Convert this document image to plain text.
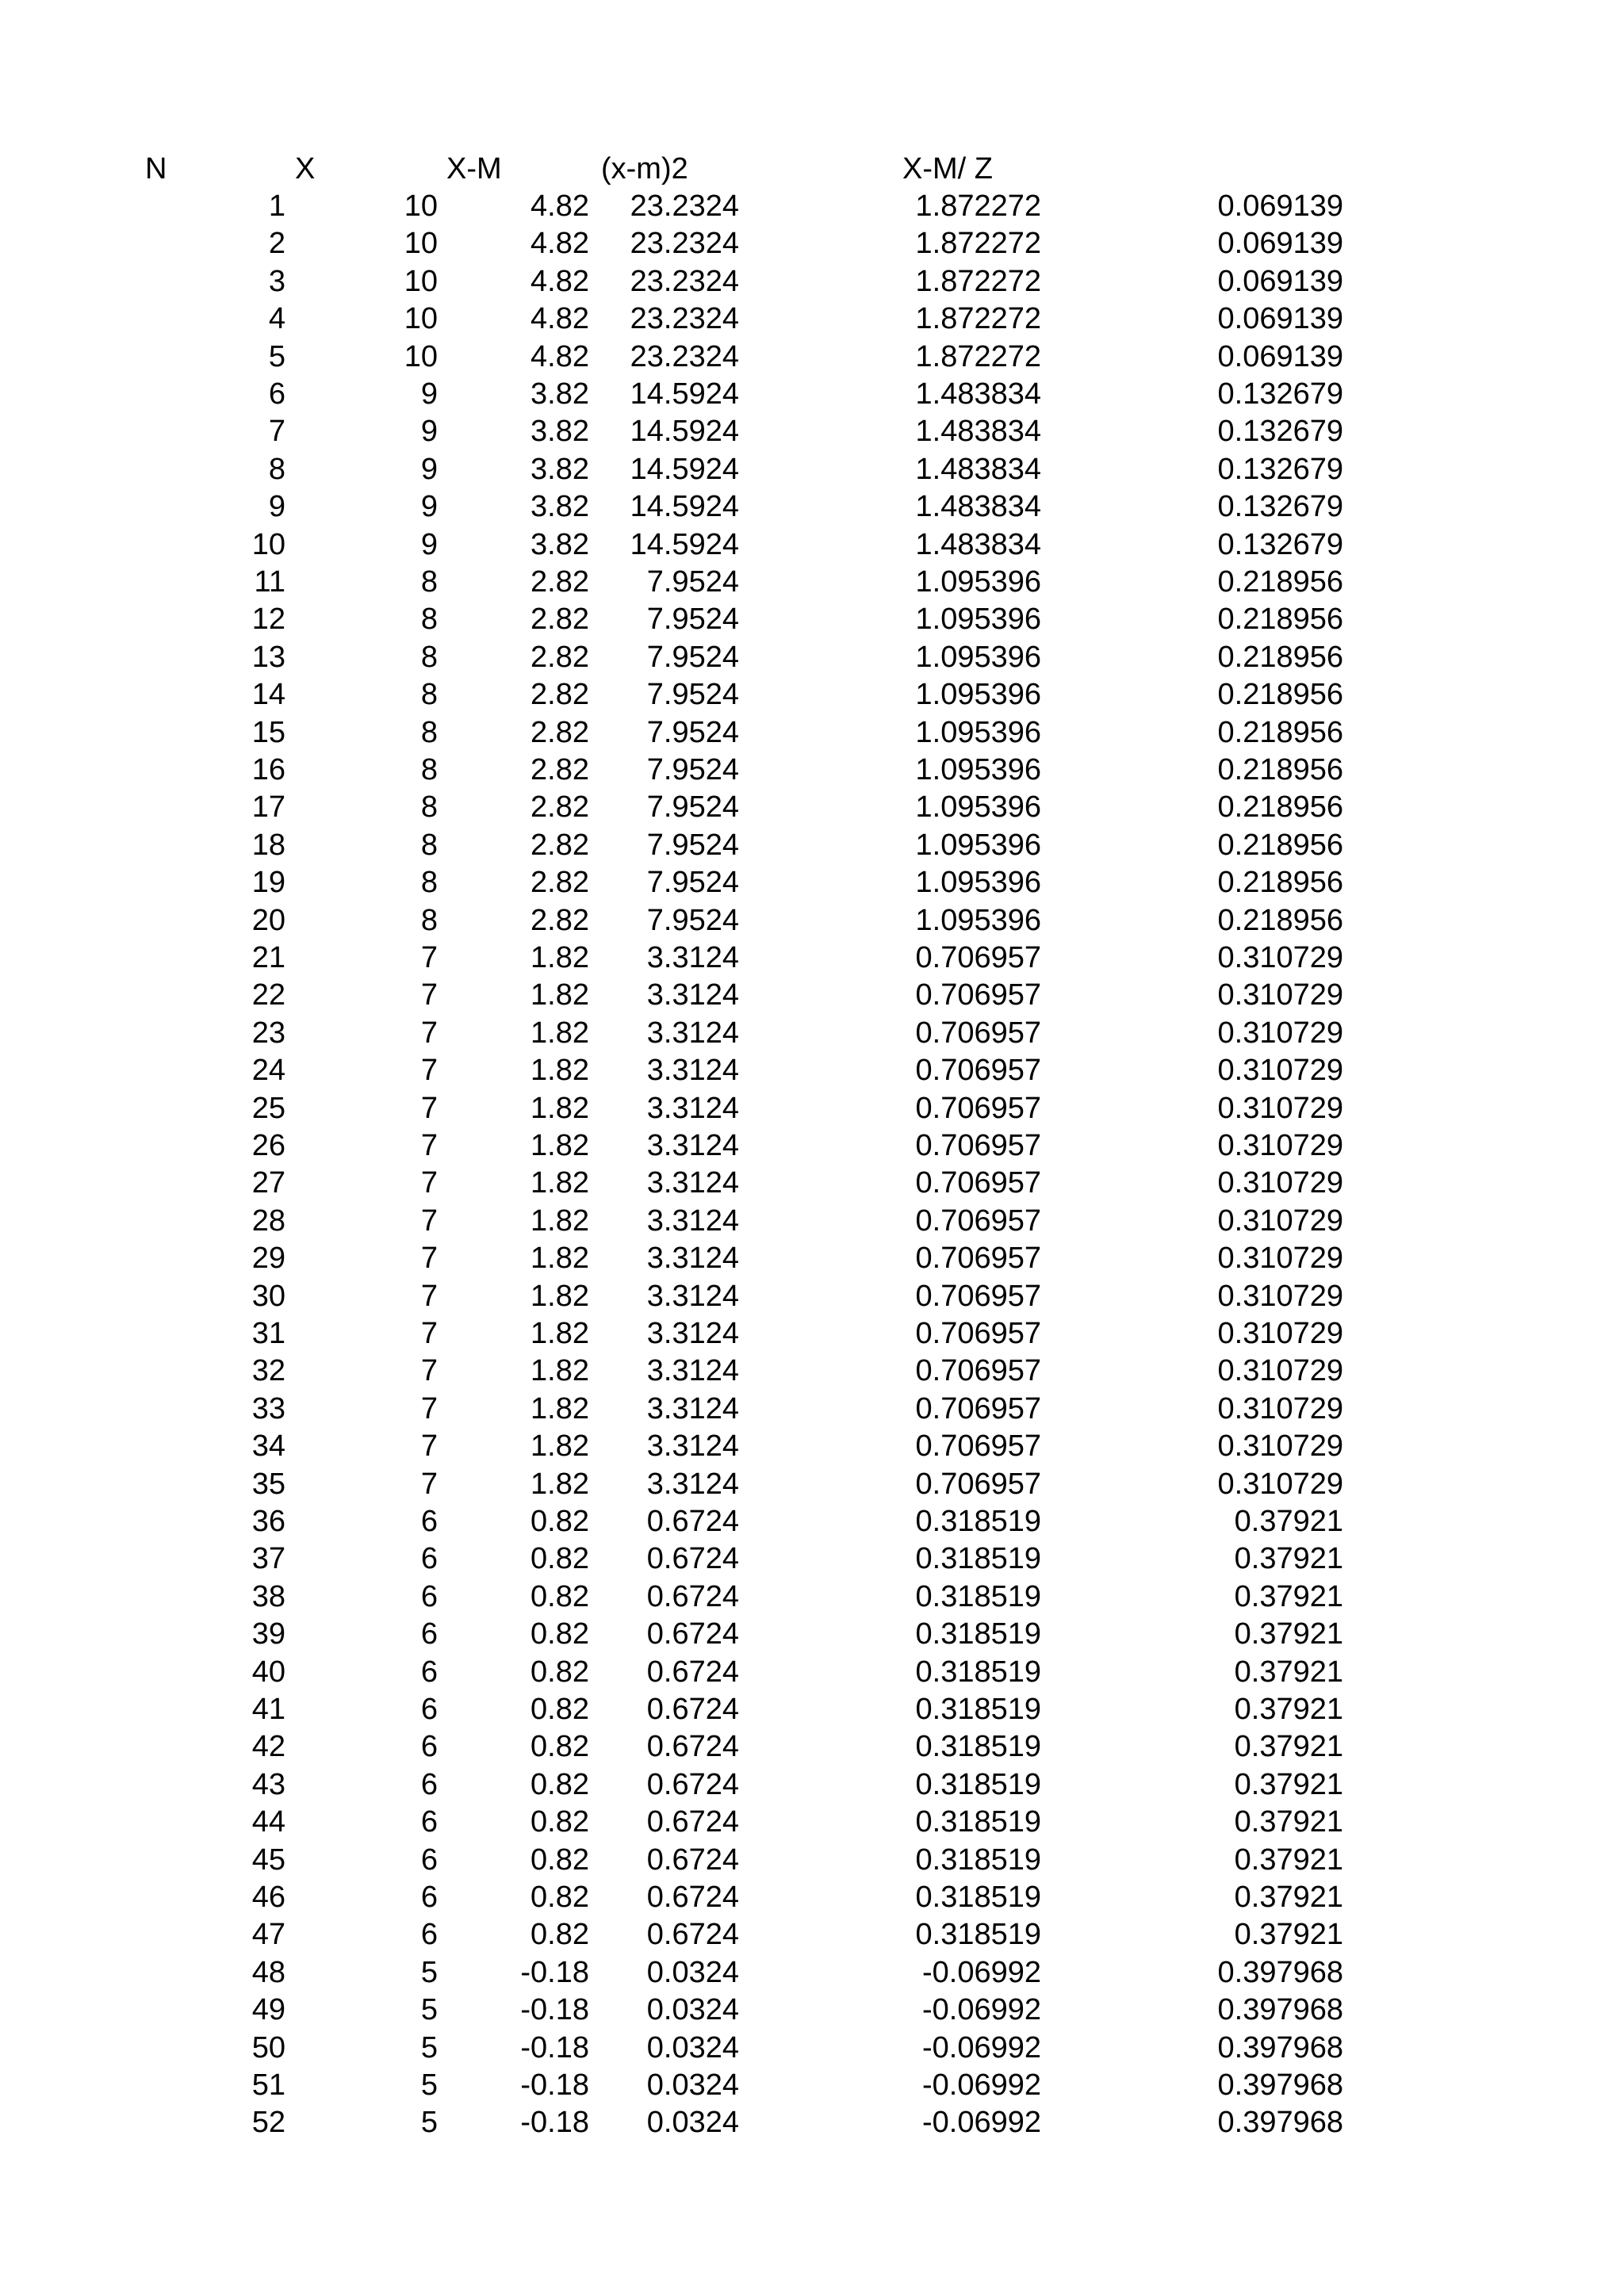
N	X	X-M	(x-m)2	X-M/ Z
1	10	4.82	23.2324	1.872272	0.069139
2	10	4.82	23.2324	1.872272	0.069139
3	10	4.82	23.2324	1.872272	0.069139
4	10	4.82	23.2324	1.872272	0.069139
5	10	4.82	23.2324	1.872272	0.069139
6	9	3.82	14.5924	1.483834	0.132679
7	9	3.82	14.5924	1.483834	0.132679
8	9	3.82	14.5924	1.483834	0.132679
9	9	3.82	14.5924	1.483834	0.132679
10	9	3.82	14.5924	1.483834	0.132679
11	8	2.82	7.9524	1.095396	0.218956
12	8	2.82	7.9524	1.095396	0.218956
13	8	2.82	7.9524	1.095396	0.218956
14	8	2.82	7.9524	1.095396	0.218956
15	8	2.82	7.9524	1.095396	0.218956
16	8	2.82	7.9524	1.095396	0.218956
17	8	2.82	7.9524	1.095396	0.218956
18	8	2.82	7.9524	1.095396	0.218956
19	8	2.82	7.9524	1.095396	0.218956
20	8	2.82	7.9524	1.095396	0.218956
21	7	1.82	3.3124	0.706957	0.310729
22	7	1.82	3.3124	0.706957	0.310729
23	7	1.82	3.3124	0.706957	0.310729
24	7	1.82	3.3124	0.706957	0.310729
25	7	1.82	3.3124	0.706957	0.310729
26	7	1.82	3.3124	0.706957	0.310729
27	7	1.82	3.3124	0.706957	0.310729
28	7	1.82	3.3124	0.706957	0.310729
29	7	1.82	3.3124	0.706957	0.310729
30	7	1.82	3.3124	0.706957	0.310729
31	7	1.82	3.3124	0.706957	0.310729
32	7	1.82	3.3124	0.706957	0.310729
33	7	1.82	3.3124	0.706957	0.310729
34	7	1.82	3.3124	0.706957	0.310729
35	7	1.82	3.3124	0.706957	0.310729
36	6	0.82	0.6724	0.318519	0.37921
37	6	0.82	0.6724	0.318519	0.37921
38	6	0.82	0.6724	0.318519	0.37921
39	6	0.82	0.6724	0.318519	0.37921
40	6	0.82	0.6724	0.318519	0.37921
41	6	0.82	0.6724	0.318519	0.37921
42	6	0.82	0.6724	0.318519	0.37921
43	6	0.82	0.6724	0.318519	0.37921
44	6	0.82	0.6724	0.318519	0.37921
45	6	0.82	0.6724	0.318519	0.37921
46	6	0.82	0.6724	0.318519	0.37921
47	6	0.82	0.6724	0.318519	0.37921
48	5	-0.18	0.0324	-0.06992	0.397968
49	5	-0.18	0.0324	-0.06992	0.397968
50	5	-0.18	0.0324	-0.06992	0.397968
51	5	-0.18	0.0324	-0.06992	0.397968
52	5	-0.18	0.0324	-0.06992	0.397968
